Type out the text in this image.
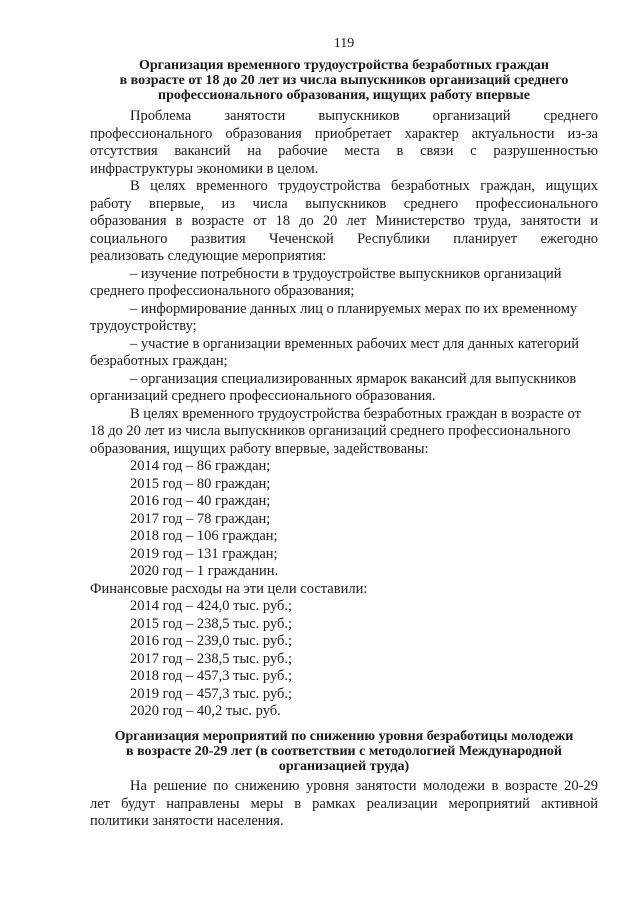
119
Организация временного трудоустройства безработных граждан
в возрасте от 18 до 20 лет из числа выпускников организаций среднего
профессионального образования, ищущих работу впервые
Проблема занятости выпускников организаций среднего
профессионального образования приобретает характер актуальности из-за
отсутствия вакансий на рабочие места в связи с разрушенностью
инфраструктуры экономики в целом.
В целях временного трудоустройства безработных граждан, ищущих
работу впервые, из числа выпускников среднего профессионального
образования в возрасте от 18 до 20 лет Министерство труда, занятости и
социального развития Чеченской Республики планирует ежегодно
реализовать следующие мероприятия:
– изучение потребности в трудоустройстве выпускников организаций
среднего профессионального образования;
– информирование данных лиц о планируемых мерах по их временному
трудоустройству;
– участие в организации временных рабочих мест для данных категорий
безработных граждан;
– организация специализированных ярмарок вакансий для выпускников
организаций среднего профессионального образования.
В целях временного трудоустройства безработных граждан в возрасте от
18 до 20 лет из числа выпускников организаций среднего профессионального
образования, ищущих работу впервые, задействованы:
2014 год – 86 граждан;
2015 год – 80 граждан;
2016 год – 40 граждан;
2017 год – 78 граждан;
2018 год – 106 граждан;
2019 год – 131 граждан;
2020 год – 1 гражданин.
Финансовые расходы на эти цели составили:
2014 год – 424,0 тыс. руб.;
2015 год – 238,5 тыс. руб.;
2016 год – 239,0 тыс. руб.;
2017 год – 238,5 тыс. руб.;
2018 год – 457,3 тыс. руб.;
2019 год – 457,3 тыс. руб.;
2020 год – 40,2 тыс. руб.
Организация мероприятий по снижению уровня безработицы молодежи
в возрасте 20-29 лет (в соответствии с методологией Международной
организацией труда)
На решение по снижению уровня занятости молодежи в возрасте 20-29
лет будут направлены меры в рамках реализации мероприятий активной
политики занятости населения.
